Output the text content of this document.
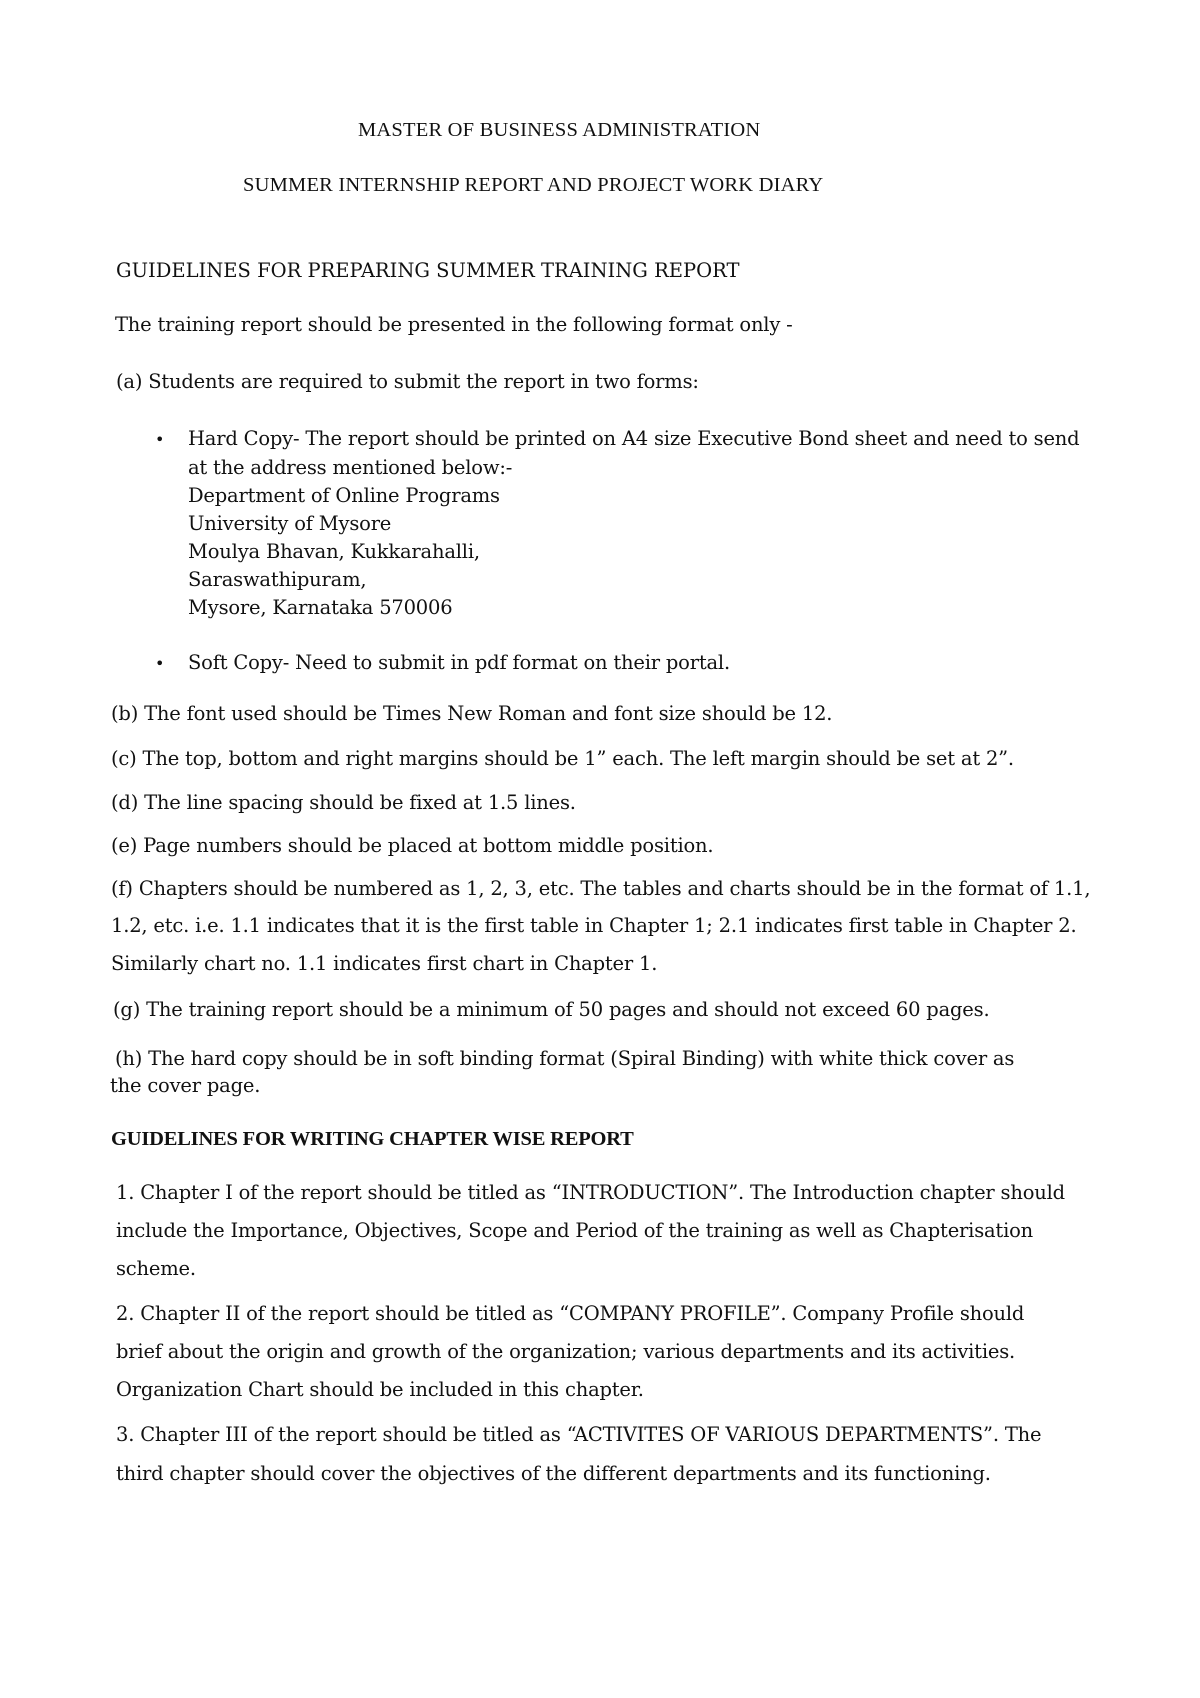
MASTER OF BUSINESS ADMINISTRATION
SUMMER INTERNSHIP REPORT AND PROJECT WORK DIARY
GUIDELINES FOR PREPARING SUMMER TRAINING REPORT
The training report should be presented in the following format only -
(a) Students are required to submit the report in two forms:
• Hard Copy- The report should be printed on A4 size Executive Bond sheet and need to send
at the address mentioned below:-
Department of Online Programs
University of Mysore
Moulya Bhavan, Kukkarahalli,
Saraswathipuram,
Mysore, Karnataka 570006
• Soft Copy- Need to submit in pdf format on their portal.
(b) The font used should be Times New Roman and font size should be 12.
(c) The top, bottom and right margins should be 1” each. The left margin should be set at 2”.
(d) The line spacing should be fixed at 1.5 lines.
(e) Page numbers should be placed at bottom middle position.
(f) Chapters should be numbered as 1, 2, 3, etc. The tables and charts should be in the format of 1.1,
1.2, etc. i.e. 1.1 indicates that it is the first table in Chapter 1; 2.1 indicates first table in Chapter 2.
Similarly chart no. 1.1 indicates first chart in Chapter 1.
(g) The training report should be a minimum of 50 pages and should not exceed 60 pages.
(h) The hard copy should be in soft binding format (Spiral Binding) with white thick cover as
the cover page.
GUIDELINES FOR WRITING CHAPTER WISE REPORT
1. Chapter I of the report should be titled as “INTRODUCTION”. The Introduction chapter should
include the Importance, Objectives, Scope and Period of the training as well as Chapterisation
scheme.
2. Chapter II of the report should be titled as “COMPANY PROFILE”. Company Profile should
brief about the origin and growth of the organization; various departments and its activities.
Organization Chart should be included in this chapter.
3. Chapter III of the report should be titled as “ACTIVITES OF VARIOUS DEPARTMENTS”. The
third chapter should cover the objectives of the different departments and its functioning.
